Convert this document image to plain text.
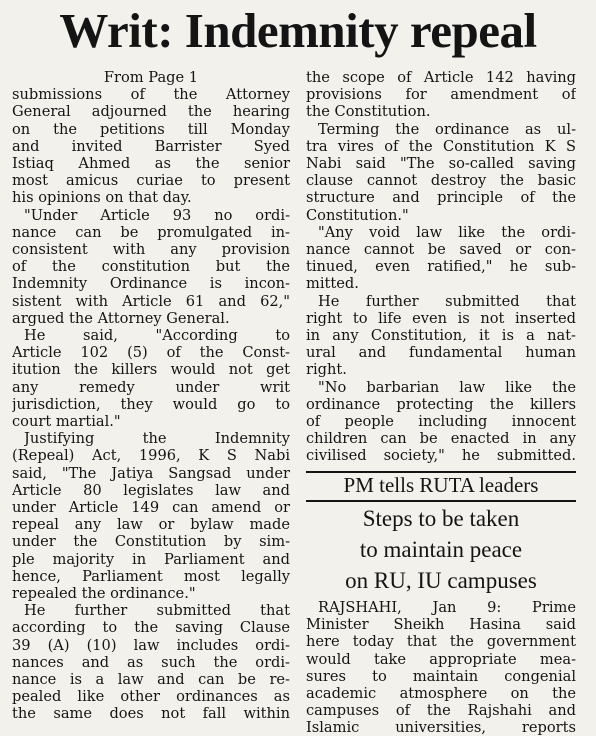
Writ: Indemnity repeal
From Page 1
submissions of the Attorney
General adjourned the hearing
on the petitions till Monday
and invited Barrister Syed
Istiaq Ahmed as the senior
most amicus curiae to present
his opinions on that day.
"Under Article 93 no ordi-
nance can be promulgated in-
consistent with any provision
of the constitution but the
Indemnity Ordinance is incon-
sistent with Article 61 and 62,"
argued the Attorney General.
He said, "According to
Article 102 (5) of the Const-
itution the killers would not get
any remedy under writ
jurisdiction, they would go to
court martial."
Justifying the Indemnity
(Repeal) Act, 1996, K S Nabi
said, "The Jatiya Sangsad under
Article 80 legislates law and
under Article 149 can amend or
repeal any law or bylaw made
under the Constitution by sim-
ple majority in Parliament and
hence, Parliament most legally
repealed the ordinance."
He further submitted that
according to the saving Clause
39 (A) (10) law includes ordi-
nances and as such the ordi-
nance is a law and can be re-
pealed like other ordinances as
the same does not fall within
PM tells RUTA leaders
Steps to be taken
to maintain peace
on RU, IU campuses
the scope of Article 142 having
provisions for amendment of
the Constitution.
Terming the ordinance as ul-
tra vires of the Constitution K S
Nabi said "The so-called saving
clause cannot destroy the basic
structure and principle of the
Constitution."
"Any void law like the ordi-
nance cannot be saved or con-
tinued, even ratified," he sub-
mitted.
He further submitted that
right to life even is not inserted
in any Constitution, it is a nat-
ural and fundamental human
right.
"No barbarian law like the
ordinance protecting the killers
of people including innocent
children can be enacted in any
civilised society," he submitted.
RAJSHAHI, Jan 9: Prime
Minister Sheikh Hasina said
here today that the government
would take appropriate mea-
sures to maintain congenial
academic atmosphere on the
campuses of the Rajshahi and
Islamic universities, reports
